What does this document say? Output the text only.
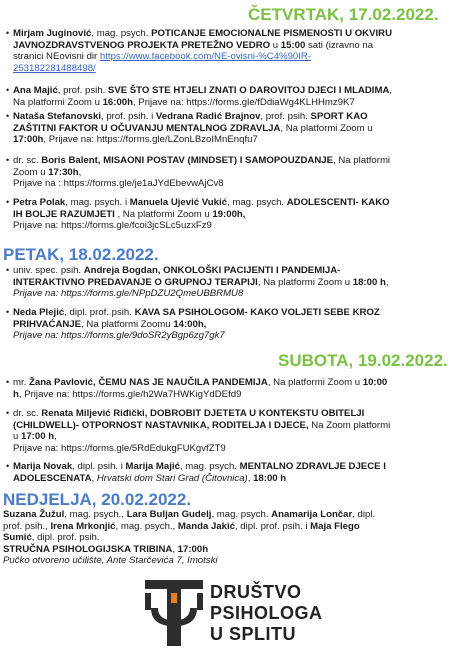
ČETVRTAK, 17.02.2022.
• Mirjam Juginović, mag. psych. POTICANJE EMOCIONALNE PISMENOSTI U OKVIRU
JAVNOZDRAVSTVENOG PROJEKTA PRETEŽNO VEDRO u 15:00 sati (izravno na
stranici NEovisni dir https://www.facebook.com/NE-ovisni-%C4%90IR-
253182281488498/
• Ana Majić, prof. psih. SVE ŠTO STE HTJELI ZNATI O DAROVITOJ DJECI I MLADIMA,
Na platformi Zoom u 16:00h, Prijave na: https://forms.gle/fDdiaWg4KLHHmz9K7
• Nataša Stefanovski, prof. psih. i Vedrana Radić Brajnov, prof. psih. SPORT KAO
ZAŠTITNI FAKTOR U OČUVANJU MENTALNOG ZDRAVLJA, Na platformi Zoom u
17:00h, Prijave na: https://forms.gle/LZonLBzoIMnEnqfu7
• dr. sc. Boris Balent, MISAONI POSTAV (MINDSET) I SAMOPOUZDANJE, Na platformi
Zoom u 17:30h,
Prijave na : https://forms.gle/je1aJYdEbevwAjCv8
• Petra Polak, mag. psych. i Manuela Ujević Vukić, mag. psych. ADOLESCENTI- KAKO
IH BOLJE RAZUMJETI , Na platformi Zoom u 19:00h,
Prijave na: https://forms.gle/fcoi3jcSLc5uzxFz9
PETAK, 18.02.2022.
• univ. spec. psih. Andreja Bogdan, ONKOLOŠKI PACIJENTI I PANDEMIJA-
INTERAKTIVNO PREDAVANJE O GRUPNOJ TERAPIJI, Na platformi Zoom u 18:00 h,
Prijave na: https://forms.gle/NPpDZU2QmeUBBRMU8
• Neda Plejić, dipl. prof. psih. KAVA SA PSIHOLOGOM- KAKO VOLJETI SEBE KROZ
PRIHVAĆANJE, Na platformi Zoomu 14:00h,
Prijave na: https://forms.gle/9doSR2yBgp6zg7gk7
SUBOTA, 19.02.2022.
• mr. Žana Pavlović, ČEMU NAS JE NAUČILA PANDEMIJA, Na platformi Zoom u 10:00
h, Prijave na: https://forms.gle/h2Wa7HWKigYdDEfd9
• dr. sc. Renata Miljević Riđički, DOBROBIT DJETETA U KONTEKSTU OBITELJI
(CHILDWELL)- OTPORNOST NASTAVNIKA, RODITELJA I DJECE, Na Zoom platformi
u 17:00 h,
Prijave na: https://forms.gle/5RdEdukgFUKgvfZT9
• Marija Novak, dipl. psih. i Marija Majić, mag. psych. MENTALNO ZDRAVLJE DJECE I
ADOLESCENATA, Hrvatski dom Stari Grad (Čitovnica), 18:00 h
NEDJELJA, 20.02.2022.
Suzana Žužul, mag. psych., Lara Buljan Gudelj, mag. psych. Anamarija Lončar, dipl.
prof. psih., Irena Mrkonjić, mag. psych., Manda Jakić, dipl. prof. psih. i Maja Flego
Sumić, dipl. prof. psih.
STRUČNA PSIHOLOGIJSKA TRIBINA, 17:00h
Pučko otvoreno učilište, Ante Starčevića 7, Imotski
DRUŠTVO
PSIHOLOGA
U SPLITU
